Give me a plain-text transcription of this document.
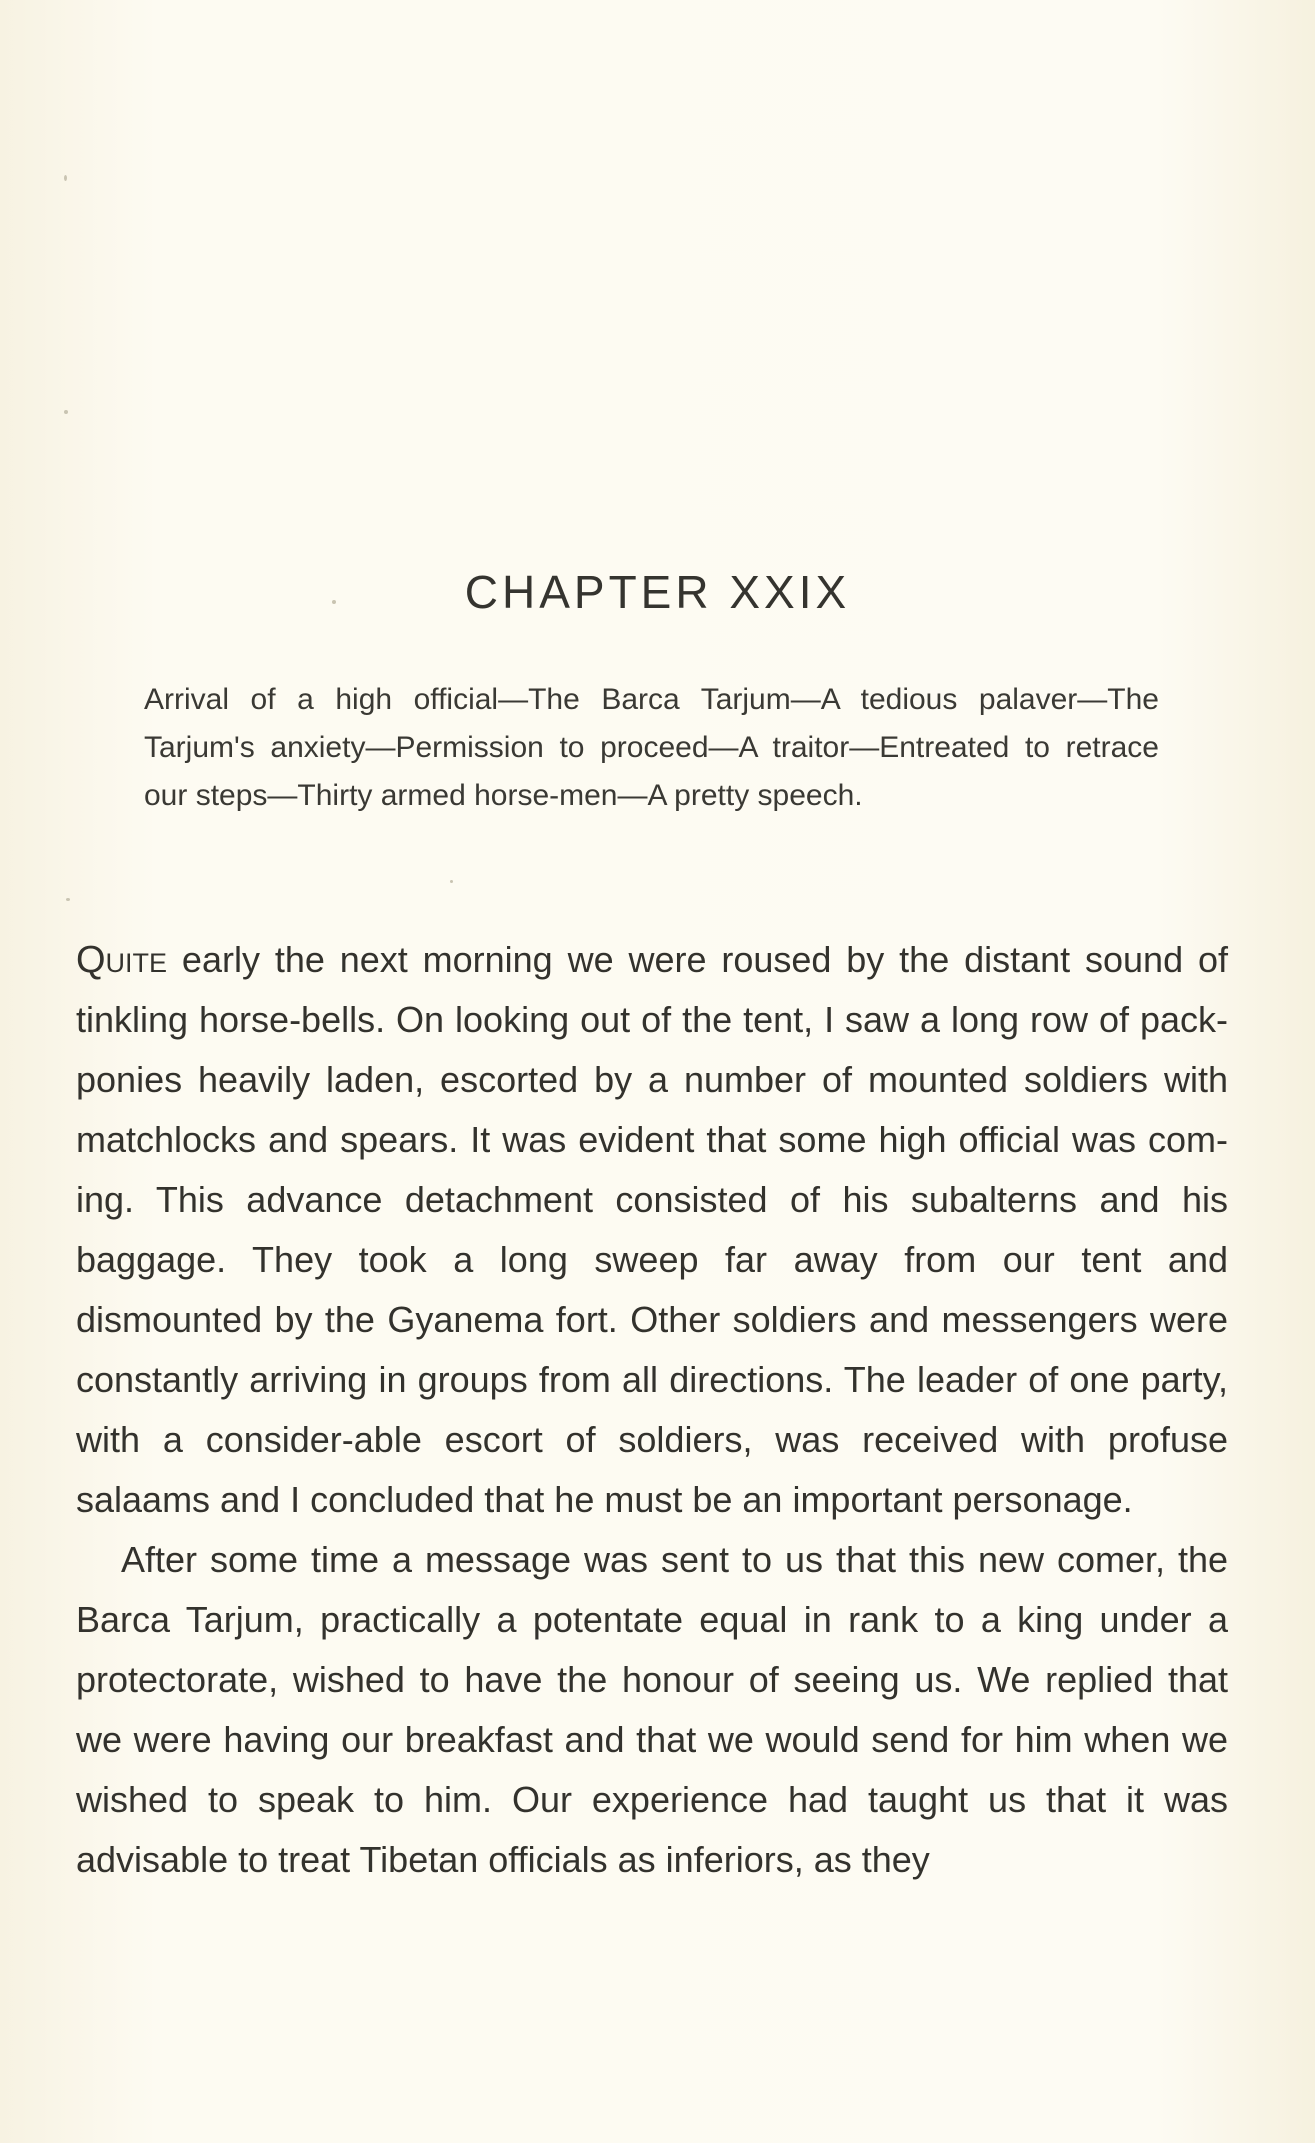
CHAPTER XXIX

Arrival of a high official—The Barca Tarjum—A tedious palaver—The Tarjum's anxiety—Permission to proceed—A traitor—Entreated to retrace our steps—Thirty armed horse-men—A pretty speech.

Quite early the next morning we were roused by the distant sound of tinkling horse-bells. On looking out of the tent, I saw a long row of pack-ponies heavily laden, escorted by a number of mounted soldiers with matchlocks and spears. It was evident that some high official was com-ing. This advance detachment consisted of his subalterns and his baggage. They took a long sweep far away from our tent and dismounted by the Gyanema fort. Other soldiers and messengers were constantly arriving in groups from all directions. The leader of one party, with a consider-able escort of soldiers, was received with profuse salaams and I concluded that he must be an important personage.

After some time a message was sent to us that this new comer, the Barca Tarjum, practically a potentate equal in rank to a king under a protectorate, wished to have the honour of seeing us. We replied that we were having our breakfast and that we would send for him when we wished to speak to him. Our experience had taught us that it was advisable to treat Tibetan officials as inferiors, as they
